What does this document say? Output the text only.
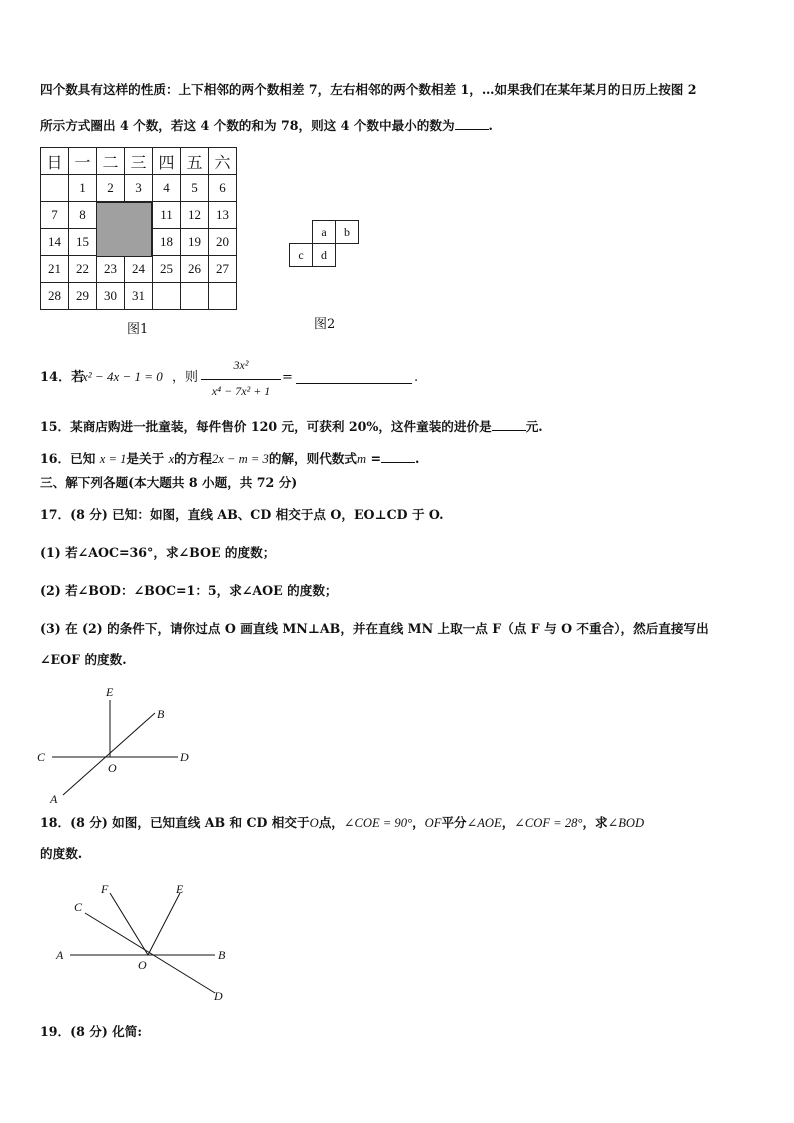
四个数具有这样的性质：上下相邻的两个数相差 7，左右相邻的两个数相差 1，…如果我们在某年某月的日历上按图 2
所示方式圈出 4 个数，若这 4 个数的和为 78，则这 4 个数中最小的数为	.
日	一	二	三	四	五	六
	1	2	3	4	5	6
7	8			11	12	13
14	15			18	19	20
21	22	23	24	25	26	27
28	29	30	31			
图1
a	b
c	d
图2
14．若
x² − 4x − 1 = 0 ，则
3x²
x⁴ − 7x² + 1
=	.
15．某商店购进一批童装，每件售价 120 元，可获利 20%，这件童装的进价是	元.
16．已知 x = 1是关于 x的方程2x − m = 3的解，则代数式m =	.
三、解下列各题(本大题共 8 小题，共 72 分)
17．(8 分) 已知：如图，直线 AB、CD 相交于点 O，EO⊥CD 于 O.
(1) 若∠AOC=36°，求∠BOE 的度数；
(2) 若∠BOD：∠BOC=1：5，求∠AOE 的度数；
(3) 在 (2) 的条件下，请你过点 O 画直线 MN⊥AB，并在直线 MN 上取一点 F（点 F 与 O 不重合），然后直接写出
∠EOF 的度数.
E
B
C
O
D
A
18．(8 分) 如图，已知直线 AB 和 CD 相交于O点，∠COE = 90°，OF平分∠AOE，∠COF = 28°，求∠BOD
的度数.
F	E
C
A
O
B
D
19．(8 分) 化简:
